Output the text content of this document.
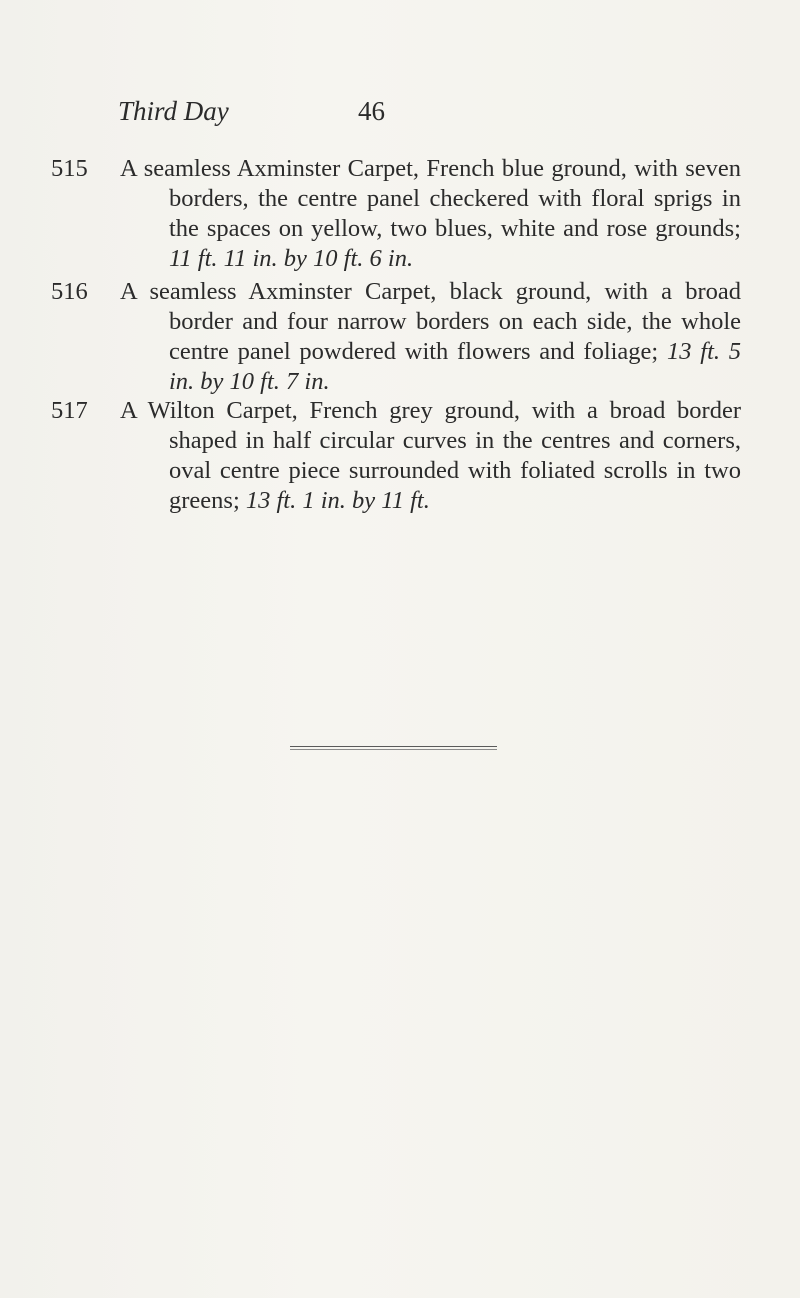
Third Day	46
515	A seamless Axminster Carpet, French blue ground, with seven borders, the centre panel checkered with floral sprigs in the spaces on yellow, two blues, white and rose grounds; 11 ft. 11 in. by 10 ft. 6 in.

516	A seamless Axminster Carpet, black ground, with a broad border and four narrow borders on each side, the whole centre panel powdered with flowers and foliage; 13 ft. 5 in. by 10 ft. 7 in.

517	A Wilton Carpet, French grey ground, with a broad border shaped in half circular curves in the centres and corners, oval centre piece surrounded with foliated scrolls in two greens; 13 ft. 1 in. by 11 ft.
